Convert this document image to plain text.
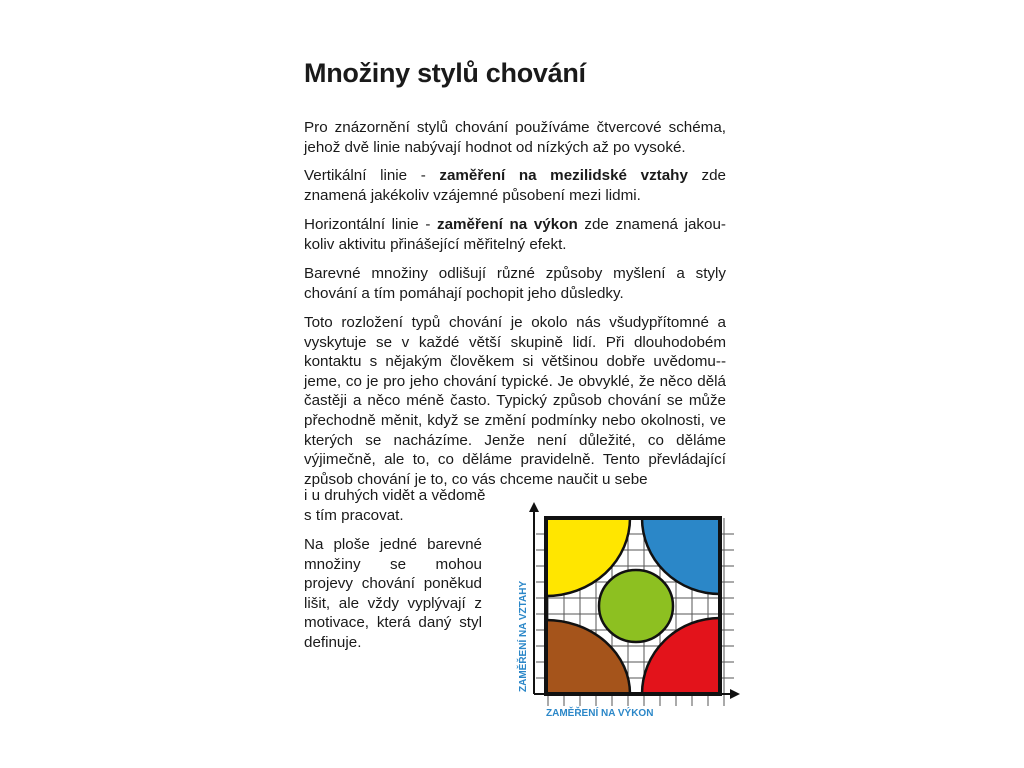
Množiny stylů chování

Pro znázornění stylů chování používáme čtvercové schéma, jehož dvě linie nabývají hodnot od nízkých až po vysoké.

Vertikální linie - zaměření na mezilidské vztahy zde znamená jakékoliv vzájemné působení mezi lidmi.

Horizontální linie - zaměření na výkon zde znamená jakou-koliv aktivitu přinášející měřitelný efekt.

Barevné množiny odlišují různé způsoby myšlení a styly chování a tím pomáhají pochopit jeho důsledky.

Toto rozložení typů chování je okolo nás všudypřítomné a vyskytuje se v každé větší skupině lidí. Při dlouhodobém kontaktu s nějakým člověkem si většinou dobře uvědomu--jeme, co je pro jeho chování typické. Je obvyklé, že něco dělá častěji a něco méně často. Typický způsob chování se může přechodně měnit, když se změní podmínky nebo okolnosti, ve kterých se nacházíme. Jenže není důležité, co děláme výjimečně, ale to, co děláme pravidelně. Tento převládající způsob chování je to, co vás chceme naučit u sebe

i u druhých vidět a vědomě s tím pracovat.

Na ploše jedné barevné množiny se mohou projevy chování poněkud lišit, ale vždy vyplývají z motivace, která daný styl definuje.	ZAMĚŘENÍ NA VZTAHY
ZAMĚŘENÍ NA VÝKON
